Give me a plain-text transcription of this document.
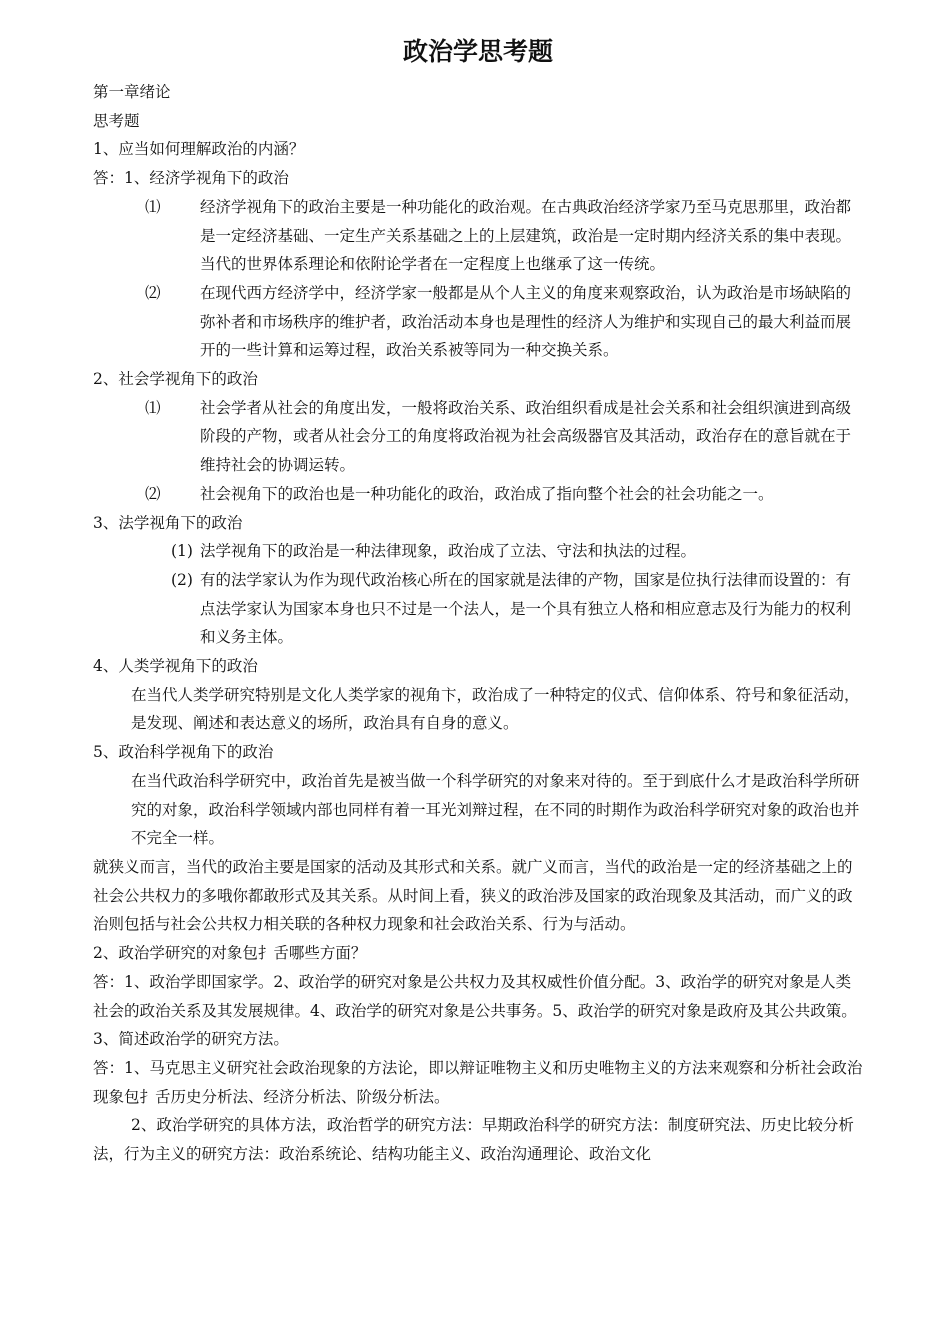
政治学思考题

第一章绪论

思考题

1、应当如何理解政治的内涵？

答：1、经济学视角下的政治

⑴	经济学视角下的政治主要是一种功能化的政治观。在古典政治经济学家乃至马克思那里，政治都是一定经济基础、一定生产关系基础之上的上层建筑，政治是一定时期内经济关系的集中表现。当代的世界体系理论和依附论学者在一定程度上也继承了这一传统。
⑵	在现代西方经济学中，经济学家一般都是从个人主义的角度来观察政治，认为政治是市场缺陷的弥补者和市场秩序的维护者，政治活动本身也是理性的经济人为维护和实现自己的最大利益而展开的一些计算和运筹过程，政治关系被等同为一种交换关系。

2、社会学视角下的政治

⑴	社会学者从社会的角度出发，一般将政治关系、政治组织看成是社会关系和社会组织演进到高级阶段的产物，或者从社会分工的角度将政治视为社会高级器官及其活动，政治存在的意旨就在于维持社会的协调运转。
⑵	社会视角下的政治也是一种功能化的政治，政治成了指向整个社会的社会功能之一。

3、法学视角下的政治

(1) 法学视角下的政治是一种法律现象，政治成了立法、守法和执法的过程。
(2) 有的法学家认为作为现代政治核心所在的国家就是法律的产物，国家是位执行法律而设置的：有点法学家认为国家本身也只不过是一个法人，是一个具有独立人格和相应意志及行为能力的权利和义务主体。

4、人类学视角下的政治

在当代人类学研究特别是文化人类学家的视角卞，政治成了一种特定的仪式、信仰体系、符号和象征活动，是发现、阐述和表达意义的场所，政治具有自身的意义。

5、政治科学视角下的政治

在当代政治科学研究中，政治首先是被当做一个科学研究的对象来对待的。至于到底什么才是政治科学所研究的对象，政治科学领域内部也同样有着一耳光刘辩过程，在不同的时期作为政治科学研究对象的政治也并不完全一样。
就狭义而言，当代的政治主要是国家的活动及其形式和关系。就广义而言，当代的政治是一定的经济基础之上的社会公共权力的多哦你都敢形式及其关系。从时间上看，狭义的政治涉及国家的政治现象及其活动，而广义的政治则包括与社会公共权力相关联的各种权力现象和社会政治关系、行为与活动。

2、政治学研究的对象包扌舌哪些方面？

答：1、政治学即国家学。2、政治学的研究对象是公共权力及其权威性价值分配。3、政治学的研究对象是人类社会的政治关系及其发展规律。4、政治学的研究对象是公共事务。5、政治学的研究对象是政府及其公共政策。

3、简述政治学的研究方法。

答：1、马克思主义研究社会政治现象的方法论，即以辩证唯物主义和历史唯物主义的方法来观察和分析社会政治现象包扌舌历史分析法、经济分析法、阶级分析法。
2、政治学研究的具体方法，政治哲学的研究方法：早期政治科学的研究方法：制度研究法、历史比较分析法，行为主义的研究方法：政治系统论、结构功能主义、政治沟通理论、政治文化
